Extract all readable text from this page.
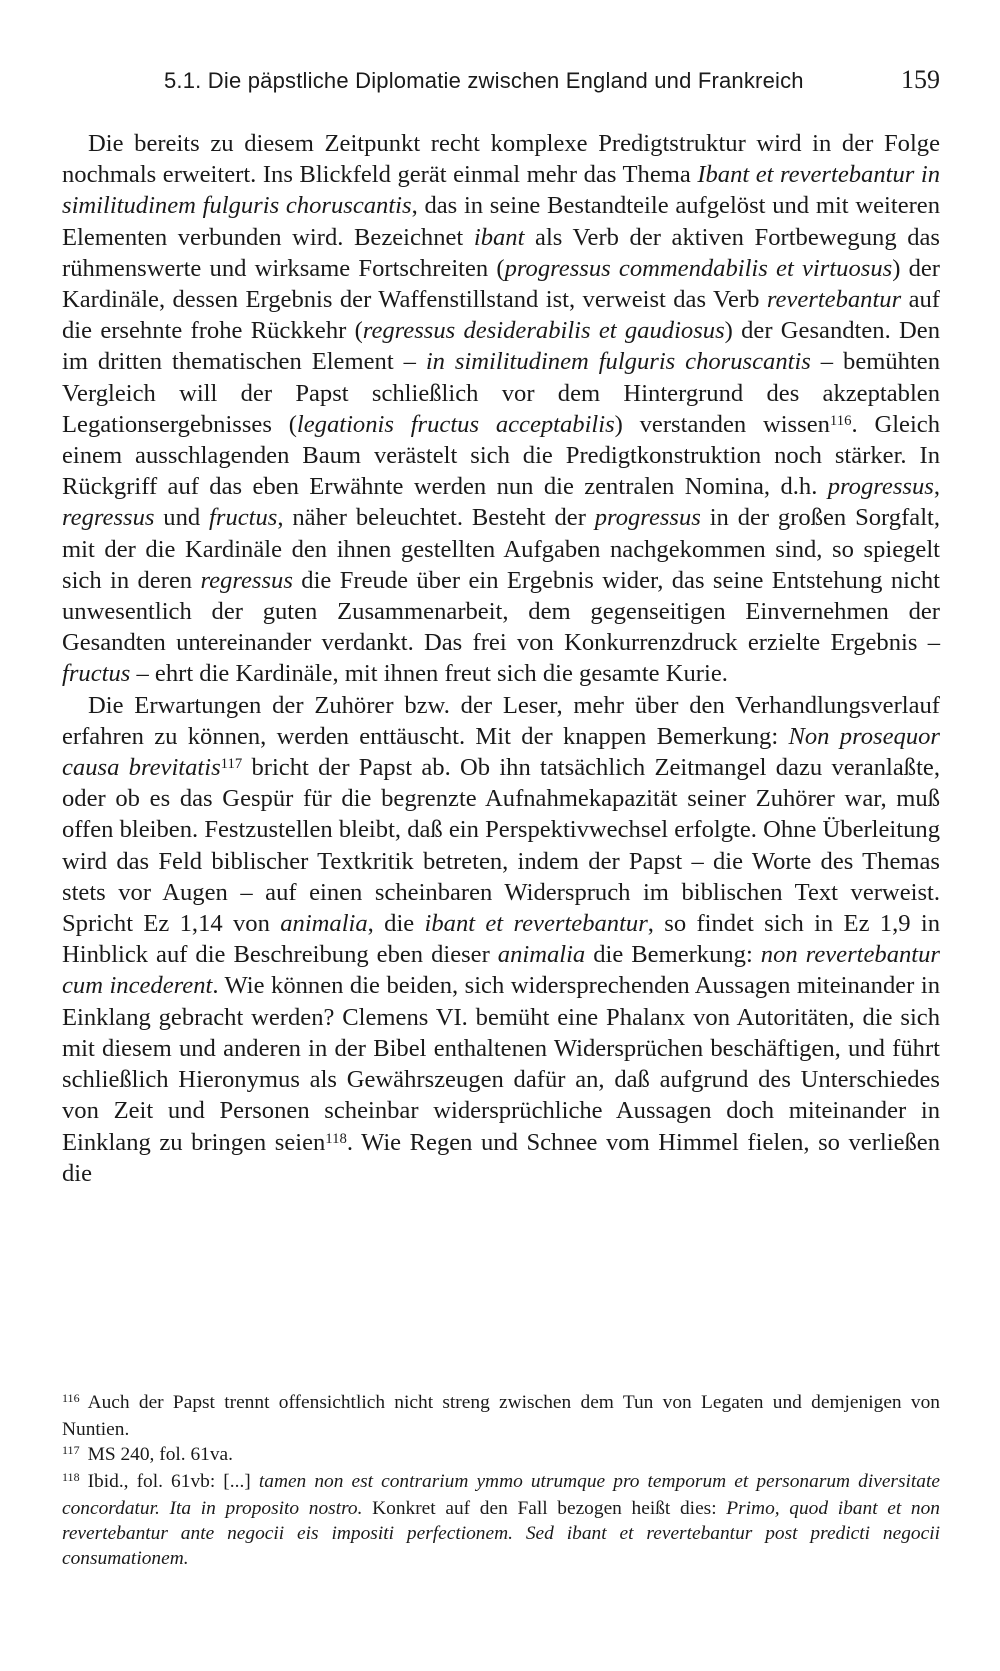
5.1. Die päpstliche Diplomatie zwischen England und Frankreich	159

Die bereits zu diesem Zeitpunkt recht komplexe Predigtstruktur wird in der Folge nochmals erweitert. Ins Blickfeld gerät einmal mehr das Thema Ibant et revertebantur in similitudinem fulguris choruscantis, das in seine Bestandteile aufgelöst und mit weiteren Elementen verbunden wird. Bezeichnet ibant als Verb der aktiven Fortbewegung das rühmenswerte und wirksame Fortschreiten (progressus commendabilis et virtuosus) der Kardinäle, dessen Ergebnis der Waffenstillstand ist, verweist das Verb revertebantur auf die ersehnte frohe Rückkehr (regressus desiderabilis et gaudiosus) der Gesandten. Den im dritten thematischen Element – in similitudinem fulguris choruscantis – bemühten Vergleich will der Papst schließlich vor dem Hintergrund des akzeptablen Legationsergebnisses (legationis fructus acceptabilis) verstanden wissen$^{116}$. Gleich einem ausschlagenden Baum verästelt sich die Predigtkonstruktion noch stärker. In Rückgriff auf das eben Erwähnte werden nun die zentralen Nomina, d.h. progressus, regressus und fructus, näher beleuchtet. Besteht der progressus in der großen Sorgfalt, mit der die Kardinäle den ihnen gestellten Aufgaben nachgekommen sind, so spiegelt sich in deren regressus die Freude über ein Ergebnis wider, das seine Entstehung nicht unwesentlich der guten Zusammenarbeit, dem gegenseitigen Einvernehmen der Gesandten untereinander verdankt. Das frei von Konkurrenzdruck erzielte Ergebnis – fructus – ehrt die Kardinäle, mit ihnen freut sich die gesamte Kurie.

Die Erwartungen der Zuhörer bzw. der Leser, mehr über den Verhandlungsverlauf erfahren zu können, werden enttäuscht. Mit der knappen Bemerkung: Non prosequor causa brevitatis$^{117}$ bricht der Papst ab. Ob ihn tatsächlich Zeitmangel dazu veranlaßte, oder ob es das Gespür für die begrenzte Aufnahmekapazität seiner Zuhörer war, muß offen bleiben. Festzustellen bleibt, daß ein Perspektivwechsel erfolgte. Ohne Überleitung wird das Feld biblischer Textkritik betreten, indem der Papst – die Worte des Themas stets vor Augen – auf einen scheinbaren Widerspruch im biblischen Text verweist. Spricht Ez 1,14 von animalia, die ibant et revertebantur, so findet sich in Ez 1,9 in Hinblick auf die Beschreibung eben dieser animalia die Bemerkung: non revertebantur cum incederent. Wie können die beiden, sich widersprechenden Aussagen miteinander in Einklang gebracht werden? Clemens VI. bemüht eine Phalanx von Autoritäten, die sich mit diesem und anderen in der Bibel enthaltenen Widersprüchen beschäftigen, und führt schließlich Hieronymus als Gewährszeugen dafür an, daß aufgrund des Unterschiedes von Zeit und Personen scheinbar widersprüchliche Aussagen doch miteinander in Einklang zu bringen seien$^{118}$. Wie Regen und Schnee vom Himmel fielen, so verließen die

$^{116}$ Auch der Papst trennt offensichtlich nicht streng zwischen dem Tun von Legaten und demjenigen von Nuntien.

$^{117}$ MS 240, fol. 61va.

$^{118}$ Ibid., fol. 61vb: [...] tamen non est contrarium ymmo utrumque pro temporum et personarum diversitate concordatur. Ita in proposito nostro. Konkret auf den Fall bezogen heißt dies: Primo, quod ibant et non revertebantur ante negocii eis impositi perfectionem. Sed ibant et revertebantur post predicti negocii consumationem.
